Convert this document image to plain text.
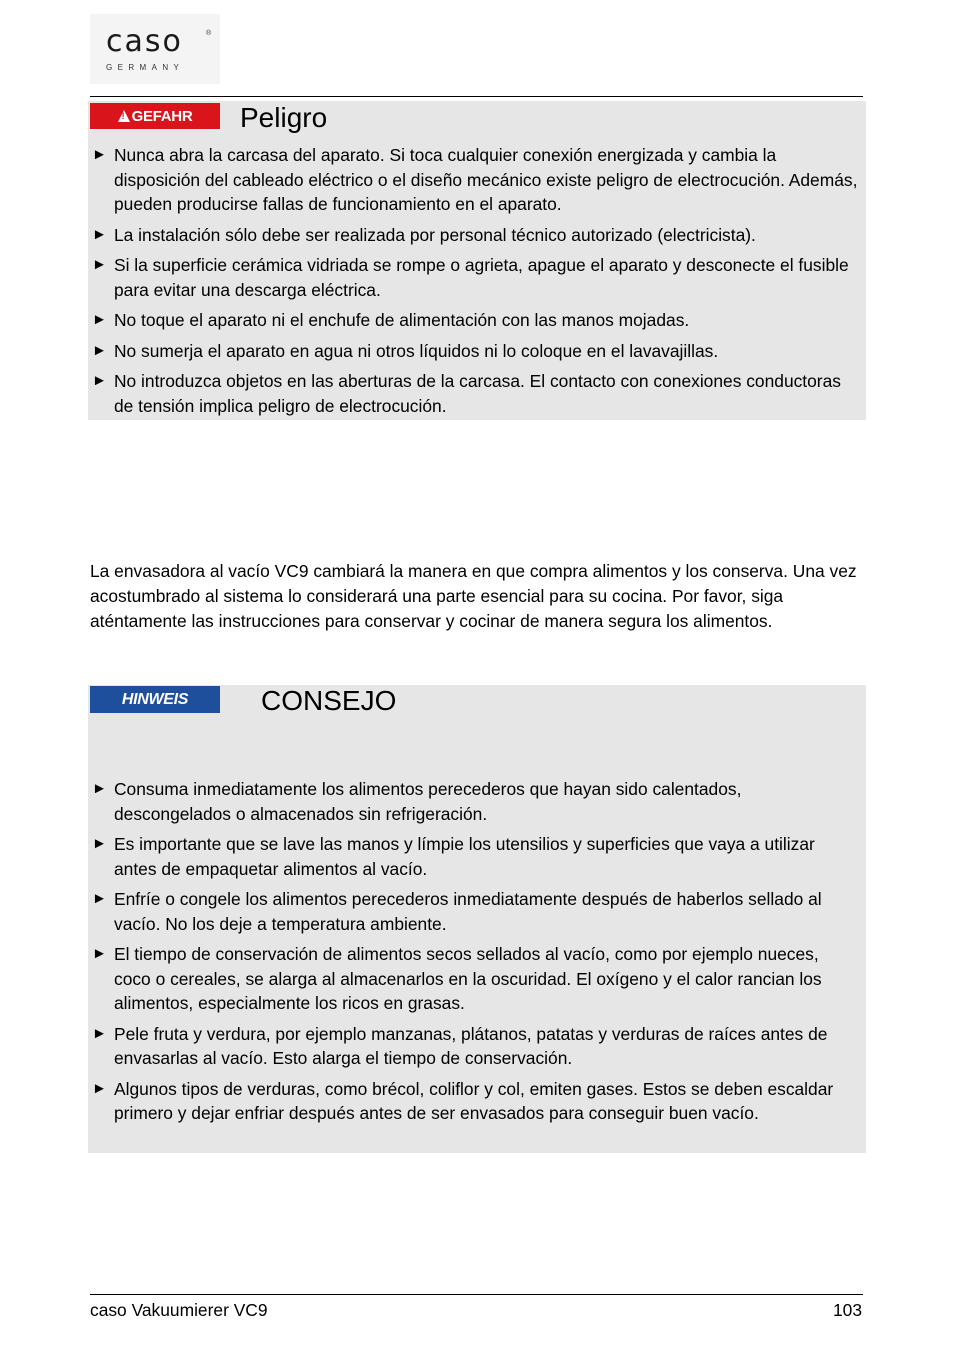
caso	®
GERMANY
!
GEFAHR Peligro
► Nunca abra la carcasa del aparato. Si toca cualquier conexión energizada y cambia la disposición del cableado eléctrico o el diseño mecánico existe peligro de electrocución. Además, pueden producirse fallas de funcionamiento en el aparato.
► La instalación sólo debe ser realizada por personal técnico autorizado (electricista).
► Si la superficie cerámica vidriada se rompe o agrieta, apague el aparato y desconecte el fusible para evitar una descarga eléctrica.
► No toque el aparato ni el enchufe de alimentación con las manos mojadas.
► No sumerja el aparato en agua ni otros líquidos ni lo coloque en el lavavajillas.
► No introduzca objetos en las aberturas de la carcasa. El contacto con conexiones conductoras de tensión implica peligro de electrocución.

La envasadora al vacío VC9 cambiará la manera en que compra alimentos y los conserva. Una vez acostumbrado al sistema lo considerará una parte esencial para su cocina. Por favor, siga aténtamente las instrucciones para conservar y cocinar de manera segura los alimentos.

HINWEIS	CONSEJO
► Consuma inmediatamente los alimentos perecederos que hayan sido calentados, descongelados o almacenados sin refrigeración.
► Es importante que se lave las manos y límpie los utensilios y superficies que vaya a utilizar antes de empaquetar alimentos al vacío.
► Enfríe o congele los alimentos perecederos inmediatamente después de haberlos sellado al vacío. No los deje a temperatura ambiente.
► El tiempo de conservación de alimentos secos sellados al vacío, como por ejemplo nueces, coco o cereales, se alarga al almacenarlos en la oscuridad. El oxígeno y el calor rancian los alimentos, especialmente los ricos en grasas.
► Pele fruta y verdura, por ejemplo manzanas, plátanos, patatas y verduras de raíces antes de envasarlas al vacío. Esto alarga el tiempo de conservación.
► Algunos tipos de verduras, como brécol, coliflor y col, emiten gases. Estos se deben escaldar primero y dejar enfriar después antes de ser envasados para conseguir buen vacío.
caso Vakuumierer VC9	103
